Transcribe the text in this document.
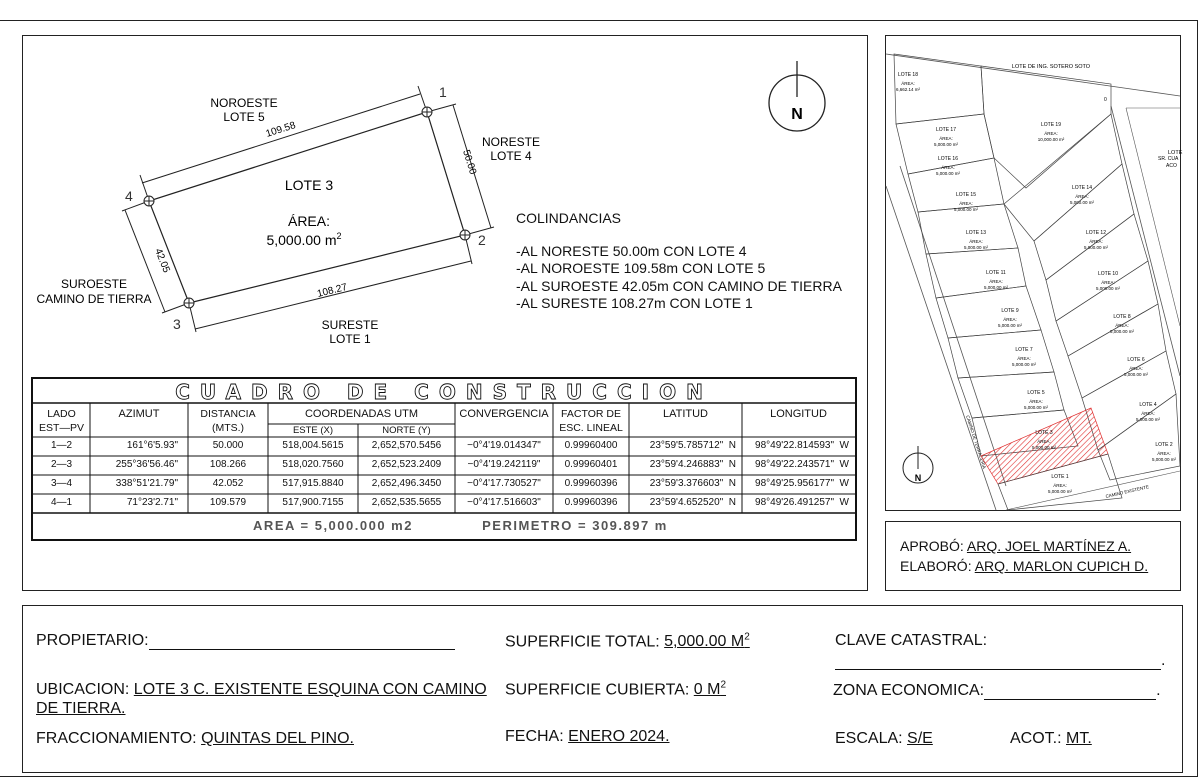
1
2
3
4
109.58
50.00
42.05
108.27
LOTE 3
ÁREA:
5,000.00 $m^2$
NOROESTE
LOTE 5
NORESTE
LOTE 4
SUROESTE
CAMINO DE TIERRA
SURESTE
LOTE 1
N
COLINDANCIAS
-AL NORESTE 50.00m CON LOTE 4
-AL NOROESTE 109.58m CON LOTE 5
-AL SUROESTE 42.05m CON CAMINO DE TIERRA
-AL SURESTE 108.27m CON LOTE 1
CUADRO DE CONSTRUCCION
LADO
EST—PV
AZIMUT	DISTANCIA
(MTS.)
COORDENADAS UTM
ESTE (X)	NORTE (Y)
CONVERGENCIA	FACTOR DE
ESC. LINEAL
LATITUD	LONGITUD
1—2	161°6'5.93"	50.000	518,004.5615	2,652,570.5456	−0°4'19.014347"	0.99960400	23°59'5.785712"  N	98°49'22.814593"  W
2—3	255°36'56.46"	108.266	518,020.7560	2,652,523.2409	−0°4'19.242119"	0.99960401	23°59'4.246883"  N	98°49'22.243571"  W
3—4	338°51'21.79"	42.052	517,915.8840	2,652,496.3450	−0°4'17.730527"	0.99960396	23°59'3.376603"  N	98°49'25.956177"  W
4—1	71°23'2.71"	109.579	517,900.7155	2,652,535.5655	−0°4'17.516603"	0.99960396	23°59'4.652520"  N	98°49'26.491257"  W
AREA = 5,000.000 m2	PERIMETRO = 309.897 m
LOTE DE ING. SOTERO SOTO
CAMINO DE TERRACERIA
CAMINO EXISTENTE
LOTE
SR. CUA
ACO
0
LOTE 18
ÁREA:
6,662.14 m²
LOTE 17
ÁREA:
5,000.00 m²
LOTE 19
ÁREA:
10,000.00 m²
LOTE 16
ÁREA:
5,000.00 m²
LOTE 15
ÁREA:
5,000.00 m²
LOTE 14
ÁREA:
5,000.00 m²
LOTE 13
ÁREA:
5,000.00 m²
LOTE 12
ÁREA:
5,000.00 m²
LOTE 11
ÁREA:
5,000.00 m²
LOTE 10
ÁREA:
5,000.00 m²
LOTE 9
ÁREA:
5,000.00 m²
LOTE 8
ÁREA:
5,000.00 m²
LOTE 7
ÁREA:
5,000.00 m²
LOTE 6
ÁREA:
5,000.00 m²
LOTE 5
ÁREA:
5,000.00 m²	LOTE 4
ÁREA:
5,000.00 m²
LOTE 3
ÁREA:
5,000.00 m²	LOTE 2
ÁREA:
5,000.00 m²
LOTE 1
ÁREA:
5,000.00 m²
N
APROBÓ: ARQ. JOEL MARTÍNEZ A.
ELABORÓ: ARQ. MARLON CUPICH D.
PROPIETARIO:	SUPERFICIE TOTAL: 5,000.00 $M^2$	CLAVE CATASTRAL:
.
UBICACION: LOTE 3 C. EXISTENTE ESQUINA CON CAMINO
DE TIERRA.
SUPERFICIE CUBIERTA: 0 $M^2$	ZONA ECONOMICA:	.
FRACCIONAMIENTO: QUINTAS DEL PINO.	FECHA: ENERO 2024.	ESCALA: S/E	ACOT.: MT.
